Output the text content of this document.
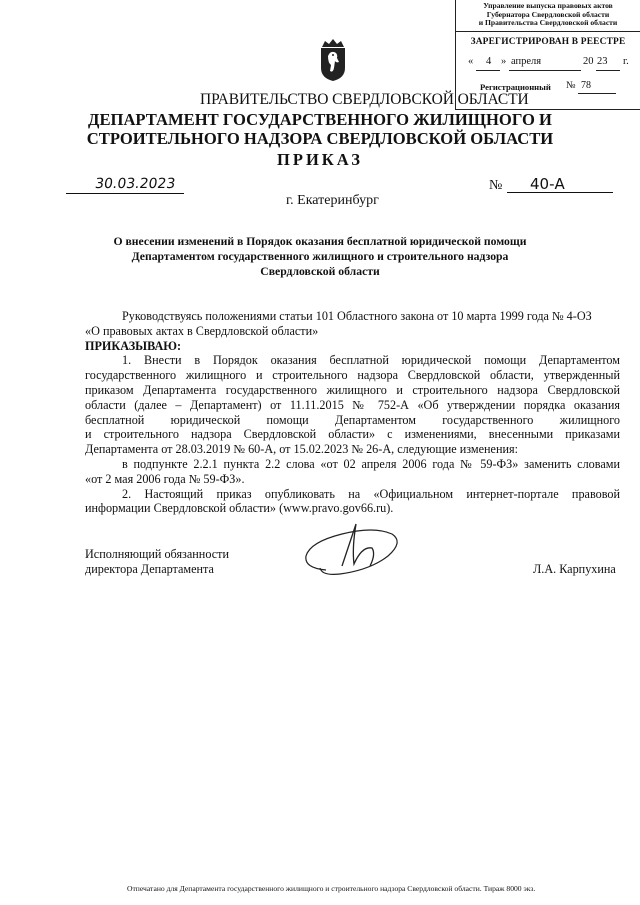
Управление выпуска правовых актов
Губернатора Свердловской области
и Правительства Свердловской области
ЗАРЕГИСТРИРОВАН В РЕЕСТРЕ
« 4 » апреля	20 23 г.
Регистрационный № 78
ПРАВИТЕЛЬСТВО СВЕРДЛОВСКОЙ ОБЛАСТИ
ДЕПАРТАМЕНТ ГОСУДАРСТВЕННОГО ЖИЛИЩНОГО И
СТРОИТЕЛЬНОГО НАДЗОРА СВЕРДЛОВСКОЙ ОБЛАСТИ
ПРИКАЗ
30.03.2023	№ 40-А
г. Екатеринбург
О внесении изменений в Порядок оказания бесплатной юридической помощи
Департаментом государственного жилищного и строительного надзора
Свердловской области

Руководствуясь положениями статьи 101 Областного закона от 10 марта 1999 года № 4-ОЗ

«О правовых актах в Свердловской области»

ПРИКАЗЫВАЮ:

1. Внести в Порядок оказания бесплатной юридической помощи Департаментом

государственного жилищного и строительного надзора Свердловской области, утвержденный

приказом Департамента государственного жилищного и строительного надзора Свердловской

области (далее – Департамент) от 11.11.2015 № 752-А «Об утверждении порядка оказания

бесплатной юридической помощи Департаментом государственного жилищного

и строительного надзора Свердловской области» с изменениями, внесенными приказами

Департамента от 28.03.2019 № 60-А, от 15.02.2023 № 26-А, следующие изменения:

в подпункте 2.2.1 пункта 2.2 слова «от 02 апреля 2006 года № 59-ФЗ» заменить словами

«от 2 мая 2006 года № 59-ФЗ».

2. Настоящий приказ опубликовать на «Официальном интернет-портале правовой

информации Свердловской области» (www.pravo.gov66.ru).

Исполняющий обязанности
директора Департамента	Л.А. Карпухина
Отпечатано для Департамента государственного жилищного и строительного надзора Свердловской области. Тираж 8000 экз.
